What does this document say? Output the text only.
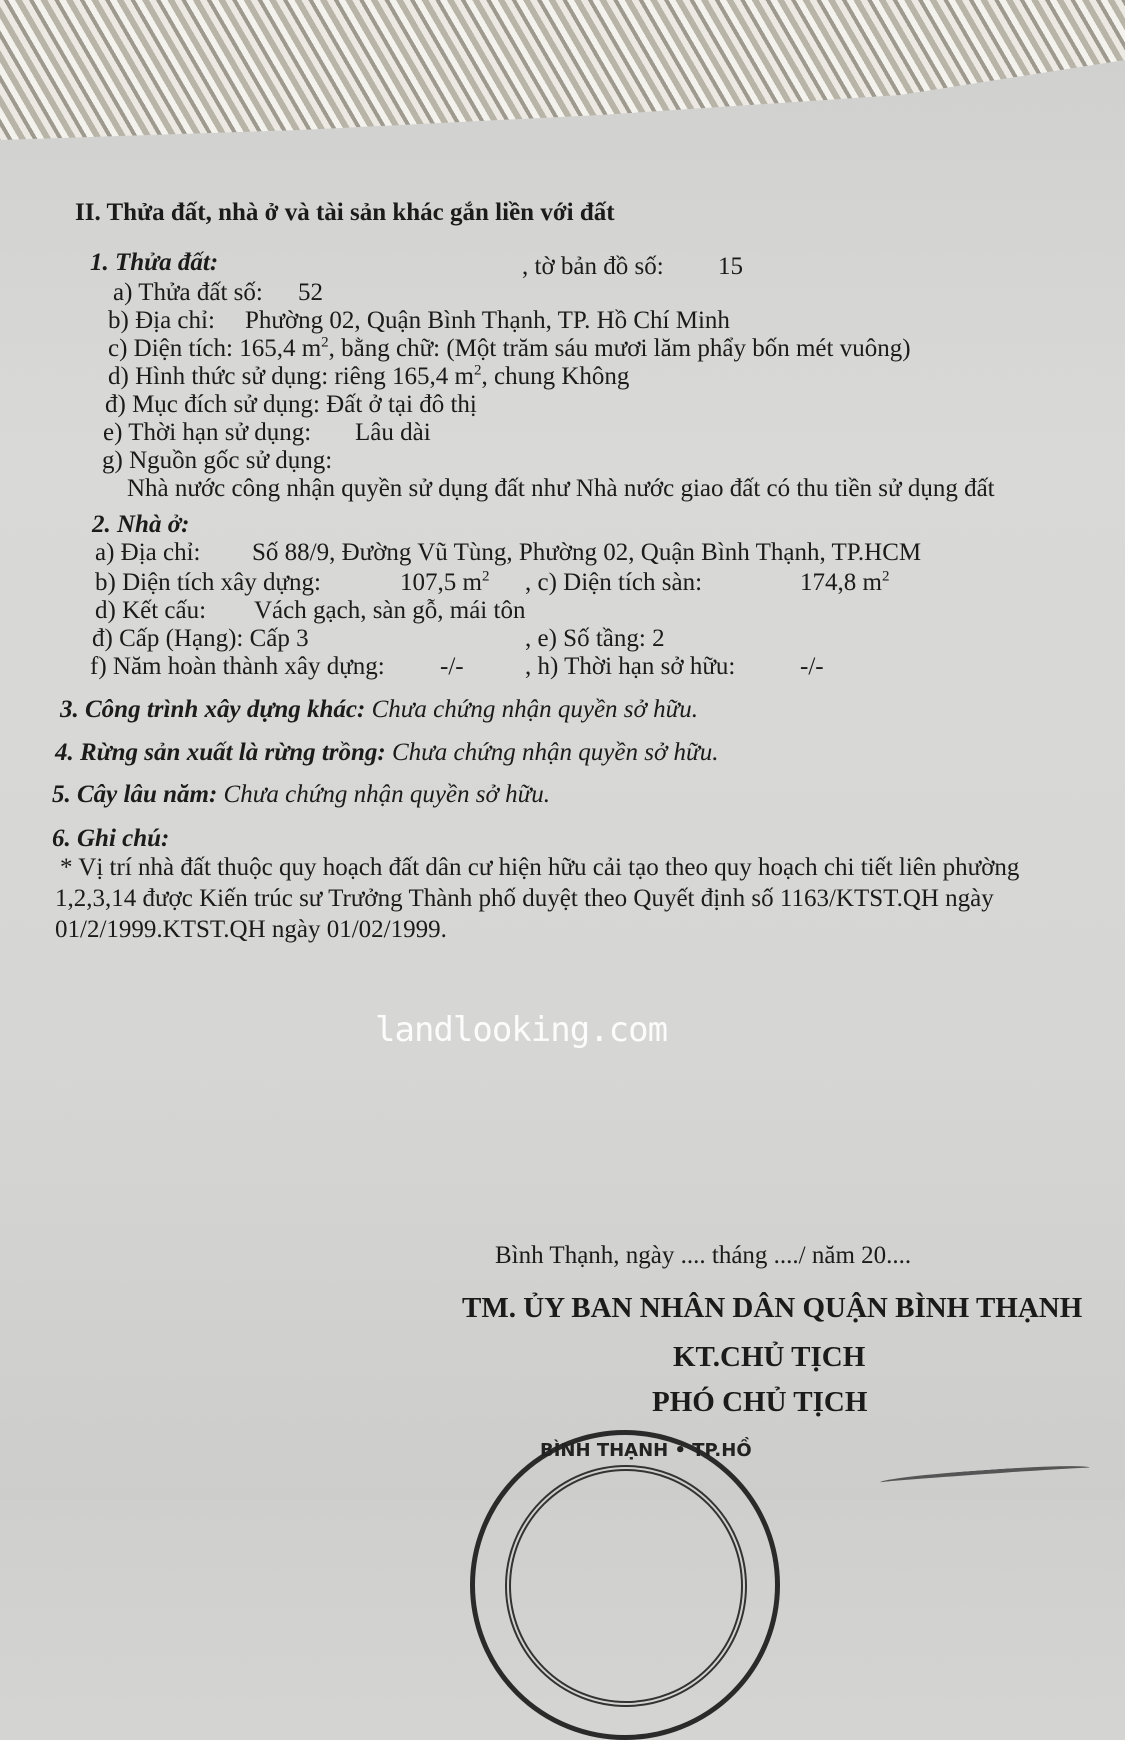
II. Thửa đất, nhà ở và tài sản khác gắn liền với đất
1. Thửa đất:	, tờ bản đồ số: 15
a) Thửa đất số: 52
b) Địa chỉ: Phường 02, Quận Bình Thạnh, TP. Hồ Chí Minh
c) Diện tích: 165,4 $m^2$, bằng chữ: (Một trăm sáu mươi lăm phẩy bốn mét vuông)
d) Hình thức sử dụng: riêng 165,4 $m^2$, chung Không
đ) Mục đích sử dụng: Đất ở tại đô thị
e) Thời hạn sử dụng: Lâu dài
g) Nguồn gốc sử dụng:
Nhà nước công nhận quyền sử dụng đất như Nhà nước giao đất có thu tiền sử dụng đất
2. Nhà ở:
a) Địa chỉ: Số 88/9, Đường Vũ Tùng, Phường 02, Quận Bình Thạnh, TP.HCM
b) Diện tích xây dựng:	107,5 $m^2$ , c) Diện tích sàn:	174,8 $m^2$
d) Kết cấu: Vách gạch, sàn gỗ, mái tôn
đ) Cấp (Hạng): Cấp 3	, e) Số tầng: 2
f) Năm hoàn thành xây dựng: -/- , h) Thời hạn sở hữu:	-/-
3. Công trình xây dựng khác: Chưa chứng nhận quyền sở hữu.
4. Rừng sản xuất là rừng trồng: Chưa chứng nhận quyền sở hữu.
5. Cây lâu năm: Chưa chứng nhận quyền sở hữu.
6. Ghi chú:
* Vị trí nhà đất thuộc quy hoạch đất dân cư hiện hữu cải tạo theo quy hoạch chi tiết liên phường
1,2,3,14 được Kiến trúc sư Trưởng Thành phố duyệt theo Quyết định số 1163/KTST.QH ngày
01/2/1999.KTST.QH ngày 01/02/1999.
landlooking.com
Bình Thạnh, ngày .... tháng ..../ năm 20....
TM. ỦY BAN NHÂN DÂN QUẬN BÌNH THẠNH
KT.CHỦ TỊCH
PHÓ CHỦ TỊCH
BÌNH THẠNH • TP.HỒ
